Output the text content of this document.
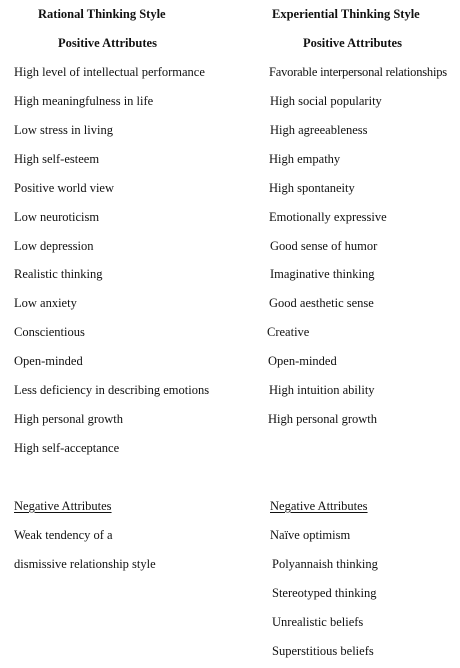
Rational Thinking Style
Positive Attributes
High level of intellectual performance
High meaningfulness in life
Low stress in living
High self-esteem
Positive world view
Low neuroticism
Low depression
Realistic thinking
Low anxiety
Conscientious
Open-minded
Less deficiency in describing emotions
High personal growth
High self-acceptance
Negative Attributes
Weak tendency of a
dismissive relationship style
Experiential Thinking Style
Positive Attributes
Favorable interpersonal relationships
High social popularity
High agreeableness
High empathy
High spontaneity
Emotionally expressive
Good sense of humor
Imaginative thinking
Good aesthetic sense
Creative
Open-minded
High intuition ability
High personal growth
Negative Attributes
Naïve optimism
Polyannaish thinking
Stereotyped thinking
Unrealistic beliefs
Superstitious beliefs
